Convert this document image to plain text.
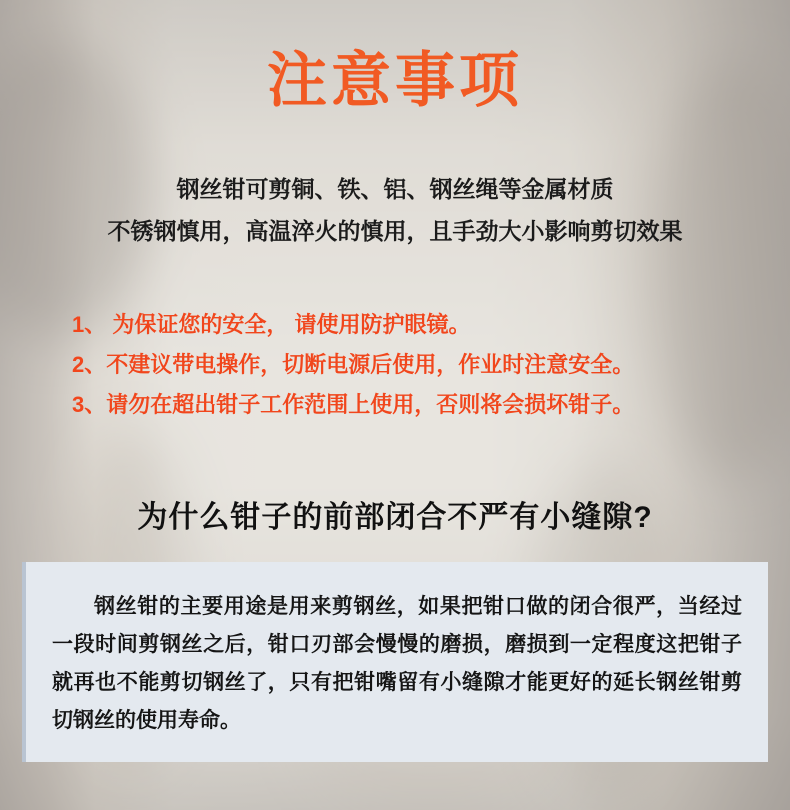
注意事项
钢丝钳可剪铜、铁、铝、钢丝绳等金属材质
不锈钢慎用，高温淬火的慎用，且手劲大小影响剪切效果
1、 为保证您的安全， 请使用防护眼镜。
2、不建议带电操作，切断电源后使用，作业时注意安全。
3、请勿在超出钳子工作范围上使用，否则将会损坏钳子。
为什么钳子的前部闭合不严有小缝隙?
钢丝钳的主要用途是用来剪钢丝，如果把钳口做的闭合很严，当经过一段时间剪钢丝之后，钳口刃部会慢慢的磨损，磨损到一定程度这把钳子就再也不能剪切钢丝了，只有把钳嘴留有小缝隙才能更好的延长钢丝钳剪切钢丝的使用寿命。
